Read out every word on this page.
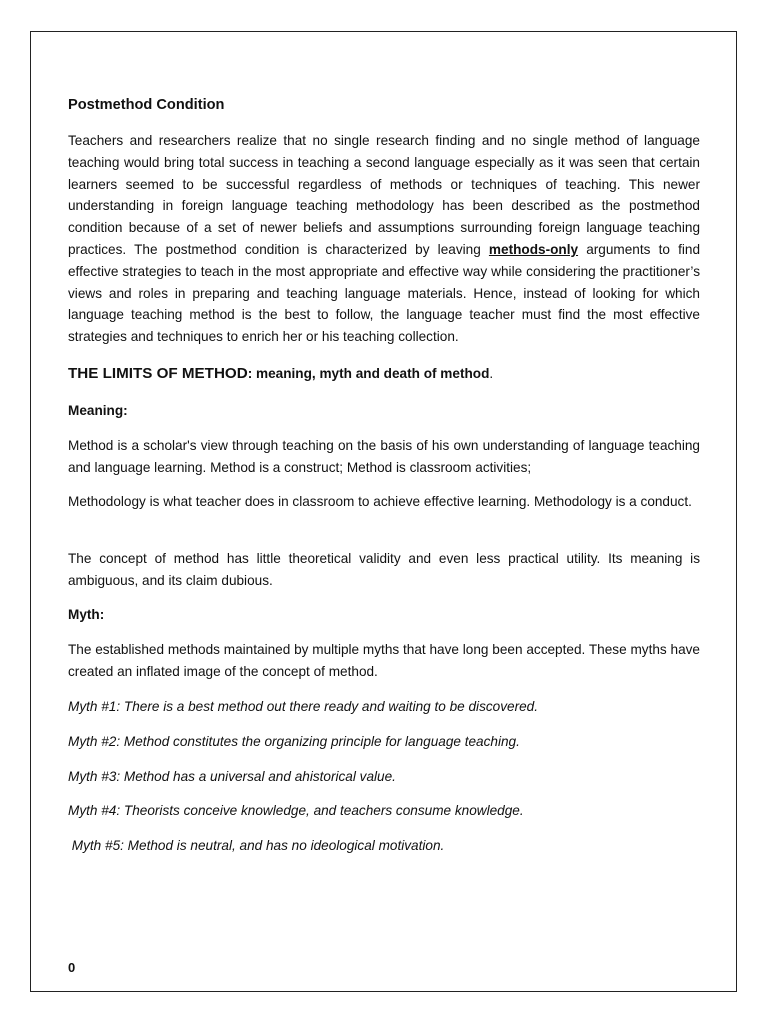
Postmethod Condition

Teachers and researchers realize that no single research finding and no single method of language teaching would bring total success in teaching a second language especially as it was seen that certain learners seemed to be successful regardless of methods or techniques of teaching. This newer understanding in foreign language teaching methodology has been described as the postmethod condition because of a set of newer beliefs and assumptions surrounding foreign language teaching practices. The postmethod condition is characterized by leaving methods-only arguments to find effective strategies to teach in the most appropriate and effective way while considering the practitioner’s views and roles in preparing and teaching language materials. Hence, instead of looking for which language teaching method is the best to follow, the language teacher must find the most effective strategies and techniques to enrich her or his teaching collection.

THE LIMITS OF METHOD: meaning, myth and death of method.

Meaning:

Method is a scholar's view through teaching on the basis of his own understanding of language teaching and language learning. Method is a construct; Method is classroom activities;

Methodology is what teacher does in classroom to achieve effective learning. Methodology is a conduct.

The concept of method has little theoretical validity and even less practical utility. Its meaning is ambiguous, and its claim dubious.

Myth:

The established methods maintained by multiple myths that have long been accepted. These myths have created an inflated image of the concept of method.

Myth #1: There is a best method out there ready and waiting to be discovered.

Myth #2: Method constitutes the organizing principle for language teaching.

Myth #3: Method has a universal and ahistorical value.

Myth #4: Theorists conceive knowledge, and teachers consume knowledge.

Myth #5: Method is neutral, and has no ideological motivation.

0
